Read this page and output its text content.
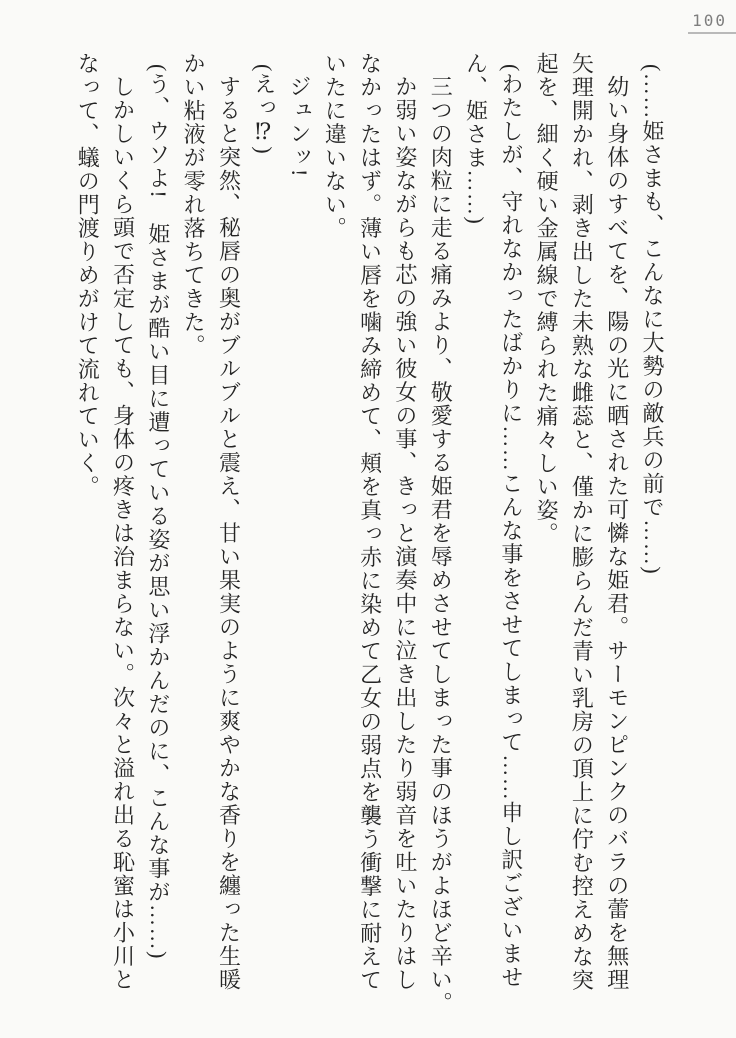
100

(……姫さまも、こんなに大勢の敵兵の前で……)

幼い身体のすべてを、陽の光に晒された可憐な姫君。サーモンピンクのバラの蕾を無理

矢理開かれ、剥き出した未熟な雌蕊と、僅かに膨らんだ青い乳房の頂上に佇む控えめな突

起を、細く硬い金属線で縛られた痛々しい姿。

(わたしが、守れなかったばかりに……こんな事をさせてしまって……申し訳ございませ

ん、姫さま……)

三つの肉粒に走る痛みより、敬愛する姫君を辱めさせてしまった事のほうがよほど辛い。

か弱い姿ながらも芯の強い彼女の事、きっと演奏中に泣き出したり弱音を吐いたりはし

なかったはず。薄い唇を噛み締めて、頬を真っ赤に染めて乙女の弱点を襲う衝撃に耐えて

いたに違いない。

ジュンッ!

(えっ⁉)

すると突然、秘唇の奥がブルブルと震え、甘い果実のように爽やかな香りを纏った生暖

かい粘液が零れ落ちてきた。

(う、ウソよ!　姫さまが酷い目に遭っている姿が思い浮かんだのに、こんな事が……)

しかしいくら頭で否定しても、身体の疼きは治まらない。次々と溢れ出る恥蜜は小川と

なって、蟻の門渡りめがけて流れていく。
